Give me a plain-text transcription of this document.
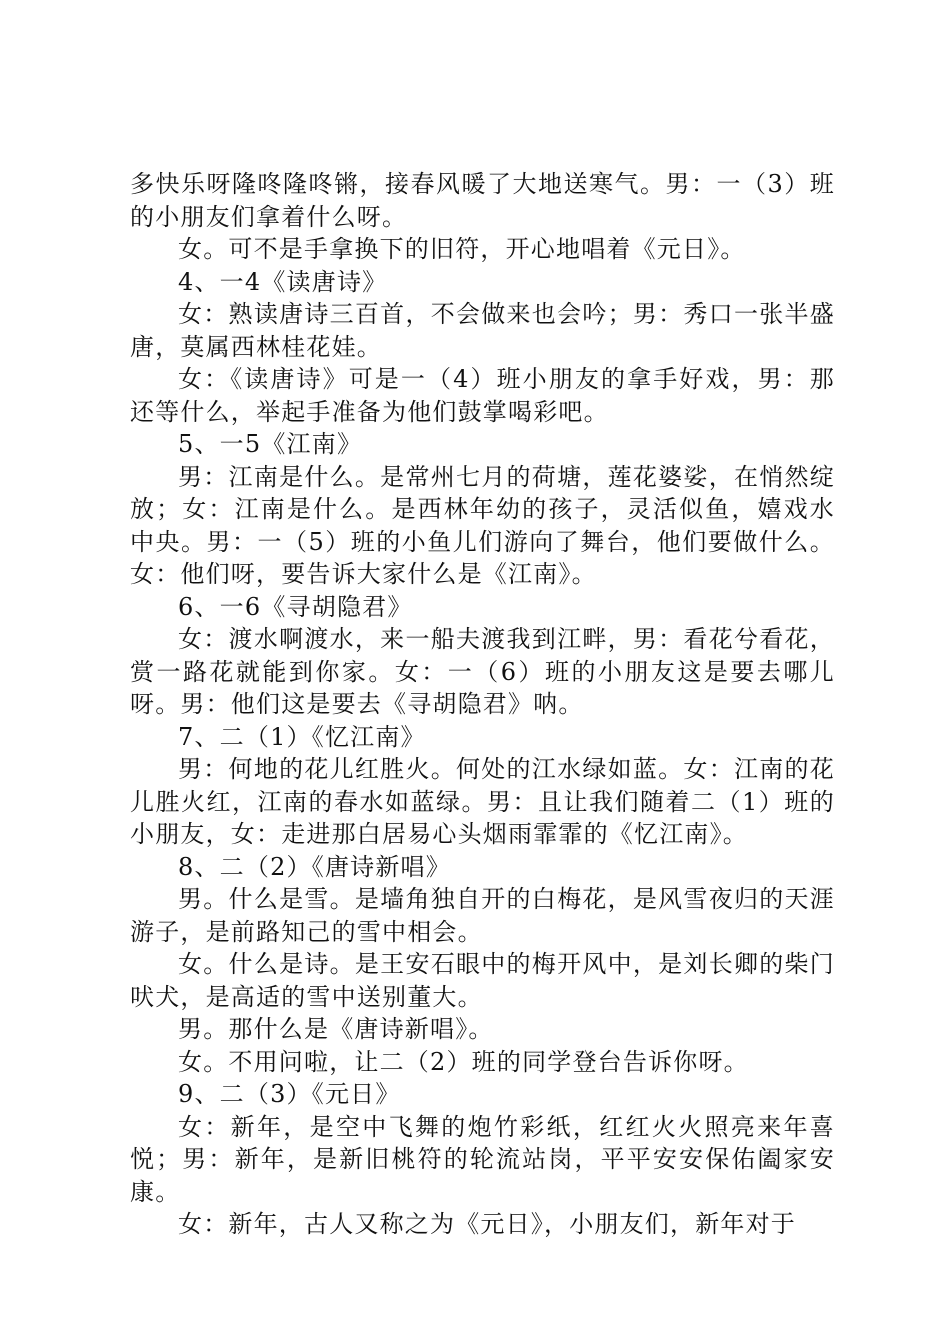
多快乐呀隆咚隆咚锵，接春风暖了大地送寒气。男：一（3）班的小朋友们拿着什么呀。

女。可不是手拿换下的旧符，开心地唱着《元日》。

4、一4《读唐诗》

女：熟读唐诗三百首，不会做来也会吟；男：秀口一张半盛唐，莫属西林桂花娃。

女：《读唐诗》可是一（4）班小朋友的拿手好戏，男：那还等什么，举起手准备为他们鼓掌喝彩吧。

5、一5《江南》

男：江南是什么。是常州七月的荷塘，莲花婆娑，在悄然绽放；女：江南是什么。是西林年幼的孩子，灵活似鱼，嬉戏水中央。男：一（5）班的小鱼儿们游向了舞台，他们要做什么。女：他们呀，要告诉大家什么是《江南》。

6、一6《寻胡隐君》

女：渡水啊渡水，来一船夫渡我到江畔，男：看花兮看花，赏一路花就能到你家。女：一（6）班的小朋友这是要去哪儿呀。男：他们这是要去《寻胡隐君》呐。

7、二（1）《忆江南》

男：何地的花儿红胜火。何处的江水绿如蓝。女：江南的花儿胜火红，江南的春水如蓝绿。男：且让我们随着二（1）班的小朋友，女：走进那白居易心头烟雨霏霏的《忆江南》。

8、二（2）《唐诗新唱》

男。什么是雪。是墙角独自开的白梅花，是风雪夜归的天涯游子，是前路知己的雪中相会。

女。什么是诗。是王安石眼中的梅开风中，是刘长卿的柴门吠犬，是高适的雪中送别董大。

男。那什么是《唐诗新唱》。

女。不用问啦，让二（2）班的同学登台告诉你呀。

9、二（3）《元日》

女：新年，是空中飞舞的炮竹彩纸，红红火火照亮来年喜悦；男：新年，是新旧桃符的轮流站岗，平平安安保佑阖家安康。

女：新年，古人又称之为《元日》，小朋友们，新年对于
